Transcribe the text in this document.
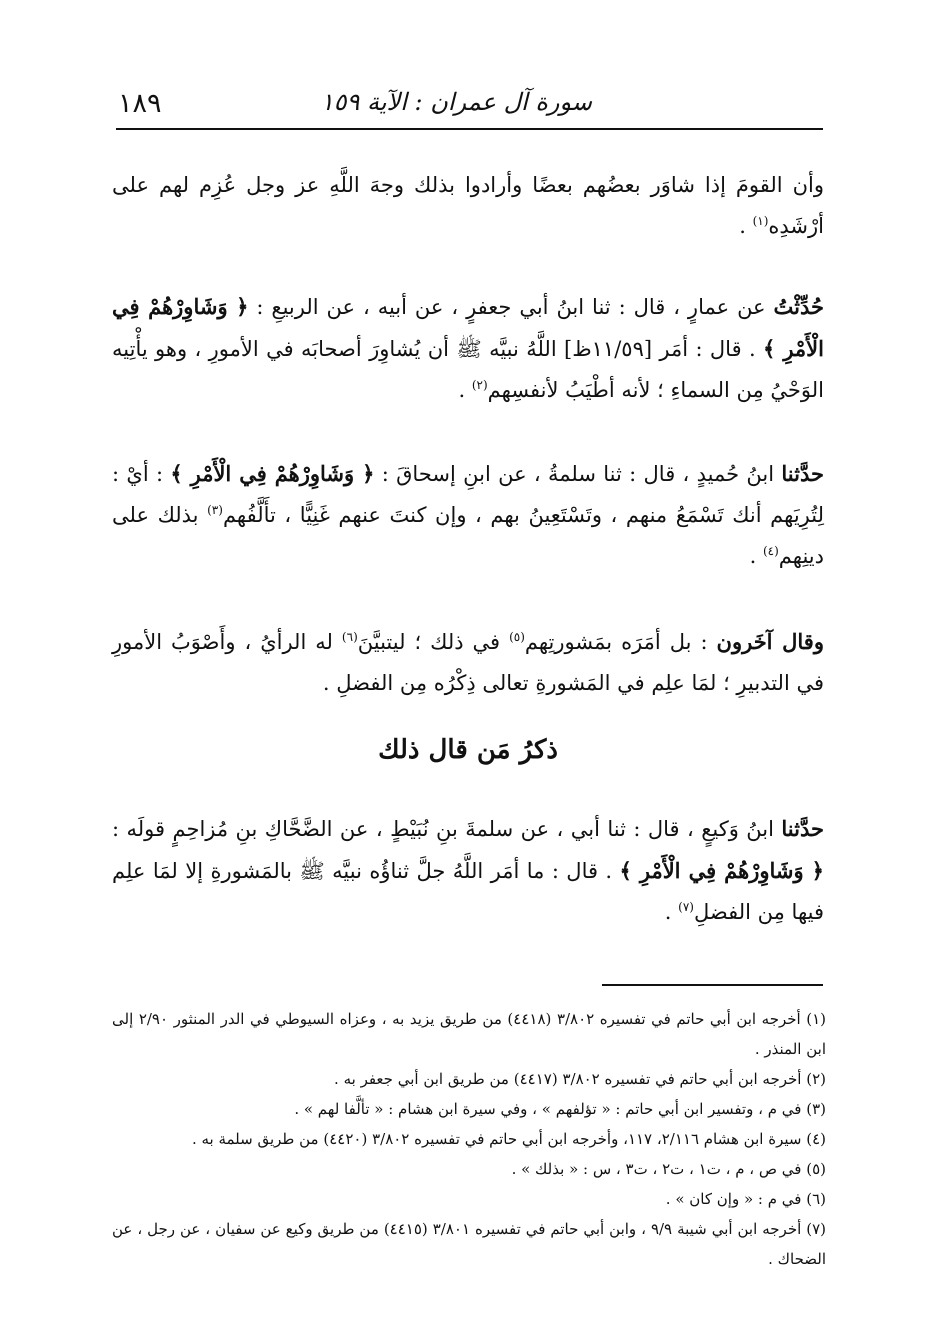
١٨٩	سورة آل عمران : الآية ١٥٩
وأن القومَ إذا شاوَر بعضُهم بعضًا وأرادوا بذلك وجهَ اللَّهِ عز وجل عُزِم لهم على أرْشَدِه$^{(١)}$ .
حُدِّثْتُ عن عمارٍ ، قال : ثنا ابنُ أبي جعفرٍ ، عن أبيه ، عن الربيعِ : ﴿ وَشَاوِرْهُمْ فِي الْأَمْرِ ﴾ . قال : أمَر [١١/٥٩ظ] اللَّهُ نبيَّه ﷺ أن يُشاوِرَ أصحابَه في الأمورِ ، وهو يأْتِيه الوَحْيُ مِن السماءِ ؛ لأنه أطْيَبُ لأنفسِهم$^{(٢)}$ .
حدَّثنا ابنُ حُميدٍ ، قال : ثنا سلمةُ ، عن ابنِ إسحاقَ : ﴿ وَشَاوِرْهُمْ فِي الْأَمْرِ ﴾ : أيْ : لِتُرِيَهم أنك تَسْمَعُ منهم ، وتَسْتَعِينُ بهم ، وإن كنتَ عنهم غَنِيًّا ، تأَلَّفُهم$^{(٣)}$ بذلك على دينِهم$^{(٤)}$ .
وقال آخَرون : بل أمَرَه بمَشورتِهم$^{(٥)}$ في ذلك ؛ ليتبيَّنَ$^{(٦)}$ له الرأيُ ، وأَصْوَبُ الأمورِ في التدبيرِ ؛ لمَا علِم في المَشورةِ تعالى ذِكْرُه مِن الفضلِ .
ذكرُ مَن قال ذلك
حدَّثنا ابنُ وَكيعٍ ، قال : ثنا أبي ، عن سلمةَ بنِ نُبَيْطٍ ، عن الضَّحَّاكِ بنِ مُزاحِمٍ قولَه : ﴿ وَشَاوِرْهُمْ فِي الْأَمْرِ ﴾ . قال : ما أمَر اللَّهُ جلَّ ثناؤُه نبيَّه ﷺ بالمَشورةِ إلا لمَا علِم فيها مِن الفضلِ$^{(٧)}$ .

(١) أخرجه ابن أبي حاتم في تفسيره ٣/٨٠٢ (٤٤١٨) من طريق يزيد به ، وعزاه السيوطي في الدر المنثور ٢/٩٠ إلى ابن المنذر .

(٢) أخرجه ابن أبي حاتم في تفسيره ٣/٨٠٢ (٤٤١٧) من طريق ابن أبي جعفر به .

(٣) في م ، وتفسير ابن أبي حاتم : « تؤلفهم » ، وفي سيرة ابن هشام : « تألَّفا لهم » .

(٤) سيرة ابن هشام ٢/١١٦، ١١٧، وأخرجه ابن أبي حاتم في تفسيره ٣/٨٠٢ (٤٤٢٠) من طريق سلمة به .

(٥) في ص ، م ، ت١ ، ت٢ ، ت٣ ، س : « بذلك » .

(٦) في م : « وإن كان » .

(٧) أخرجه ابن أبي شيبة ٩/٩ ، وابن أبي حاتم في تفسيره ٣/٨٠١ (٤٤١٥) من طريق وكيع عن سفيان ، عن رجل ، عن الضحاك .
